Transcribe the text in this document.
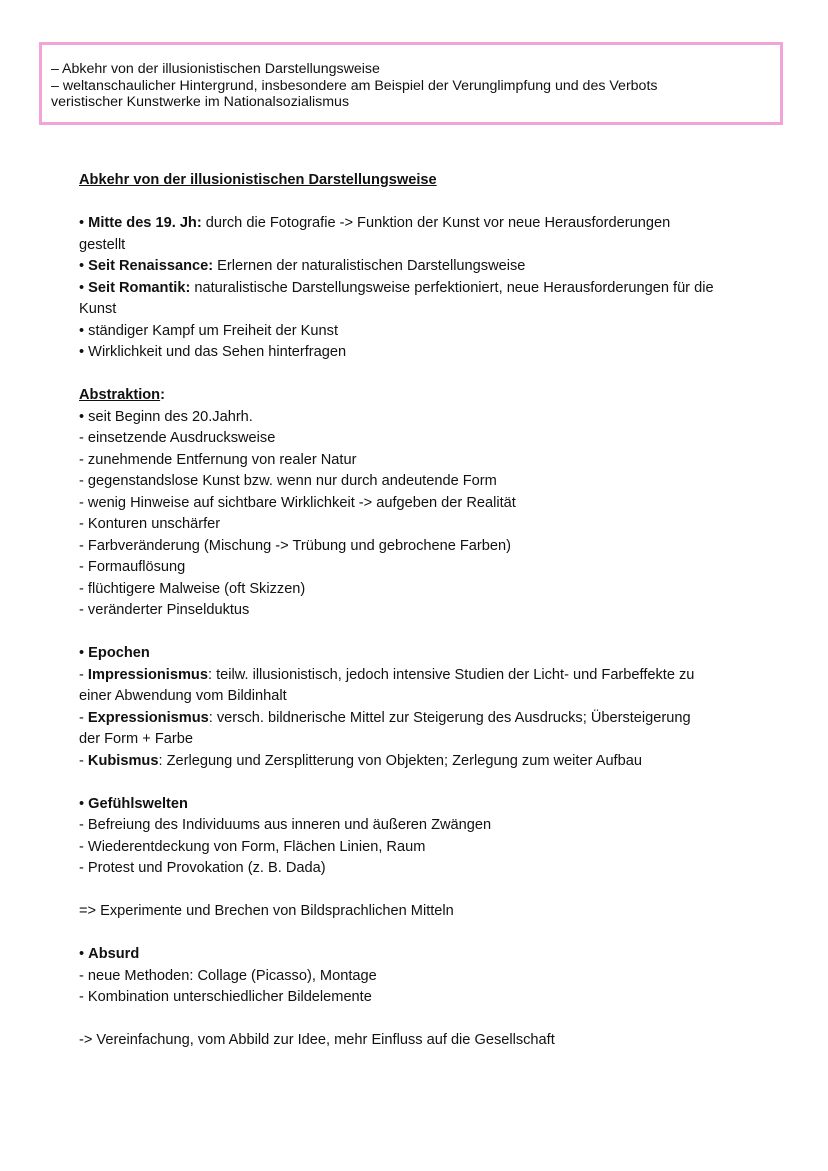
– Abkehr von der illusionistischen Darstellungsweise
– weltanschaulicher Hintergrund, insbesondere am Beispiel der Verunglimpfung und des Verbots
veristischer Kunstwerke im Nationalsozialismus
Abkehr von der illusionistischen Darstellungsweise
• Mitte des 19. Jh: durch die Fotografie -> Funktion der Kunst vor neue Herausforderungen
gestellt
• Seit Renaissance: Erlernen der naturalistischen Darstellungsweise
• Seit Romantik: naturalistische Darstellungsweise perfektioniert, neue Herausforderungen für die
Kunst
• ständiger Kampf um Freiheit der Kunst
• Wirklichkeit und das Sehen hinterfragen
Abstraktion:
• seit Beginn des 20.Jahrh.
- einsetzende Ausdrucksweise
- zunehmende Entfernung von realer Natur
- gegenstandslose Kunst bzw. wenn nur durch andeutende Form
- wenig Hinweise auf sichtbare Wirklichkeit -> aufgeben der Realität
- Konturen unschärfer
- Farbveränderung (Mischung -> Trübung und gebrochene Farben)
- Formauflösung
- flüchtigere Malweise (oft Skizzen)
- veränderter Pinselduktus
• Epochen
- Impressionismus: teilw. illusionistisch, jedoch intensive Studien der Licht- und Farbeffekte zu
einer Abwendung vom Bildinhalt
- Expressionismus: versch. bildnerische Mittel zur Steigerung des Ausdrucks; Übersteigerung
der Form + Farbe
- Kubismus: Zerlegung und Zersplitterung von Objekten; Zerlegung zum weiter Aufbau
• Gefühlswelten
- Befreiung des Individuums aus inneren und äußeren Zwängen
- Wiederentdeckung von Form, Flächen Linien, Raum
- Protest und Provokation (z. B. Dada)
=> Experimente und Brechen von Bildsprachlichen Mitteln
• Absurd
- neue Methoden: Collage (Picasso), Montage
- Kombination unterschiedlicher Bildelemente
-> Vereinfachung, vom Abbild zur Idee, mehr Einfluss auf die Gesellschaft
